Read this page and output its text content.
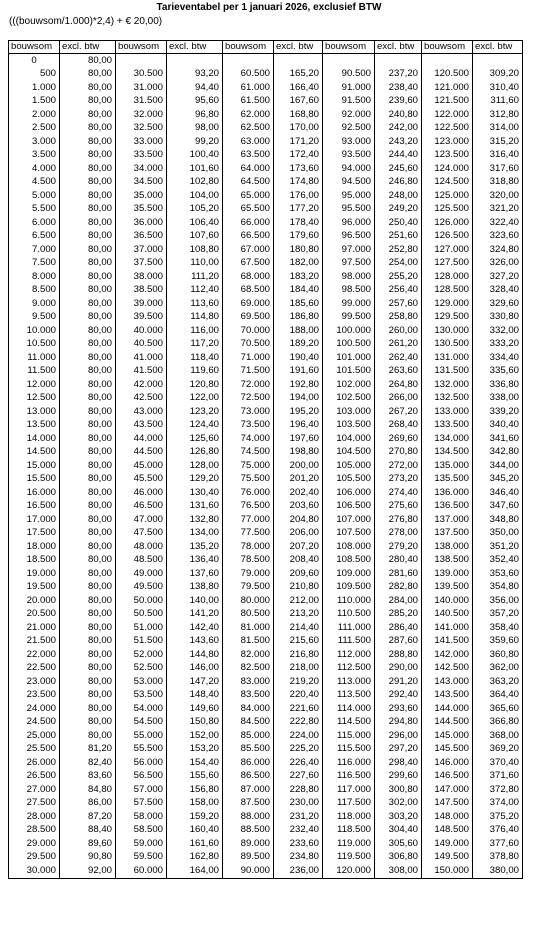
Tarieventabel per 1 januari 2026, exclusief BTW
(((bouwsom/1.000)*2,4) + € 20,00)
bouwsom	excl. btw	bouwsom	excl. btw	bouwsom	excl. btw	bouwsom	excl. btw	bouwsom	excl. btw
0	80,00								
500	80,00	30.500	93,20	60.500	165,20	90.500	237,20	120.500	309,20
1.000	80,00	31.000	94,40	61.000	166,40	91.000	238,40	121.000	310,40
1.500	80,00	31.500	95,60	61.500	167,60	91.500	239,60	121.500	311,60
2.000	80,00	32.000	96,80	62.000	168,80	92.000	240,80	122.000	312,80
2.500	80,00	32.500	98,00	62.500	170,00	92.500	242,00	122.500	314,00
3.000	80,00	33.000	99,20	63.000	171,20	93.000	243,20	123.000	315,20
3.500	80,00	33.500	100,40	63.500	172,40	93.500	244,40	123.500	316,40
4.000	80,00	34.000	101,60	64.000	173,60	94.000	245,60	124.000	317,60
4.500	80,00	34.500	102,80	64.500	174,80	94.500	246,80	124.500	318,80
5.000	80,00	35.000	104,00	65.000	176,00	95.000	248,00	125.000	320,00
5.500	80,00	35.500	105,20	65.500	177,20	95.500	249,20	125.500	321,20
6.000	80,00	36.000	106,40	66.000	178,40	96.000	250,40	126.000	322,40
6.500	80,00	36.500	107,60	66.500	179,60	96.500	251,60	126.500	323,60
7.000	80,00	37.000	108,80	67.000	180,80	97.000	252,80	127.000	324,80
7.500	80,00	37.500	110,00	67.500	182,00	97.500	254,00	127.500	326,00
8.000	80,00	38.000	111,20	68.000	183,20	98.000	255,20	128.000	327,20
8.500	80,00	38.500	112,40	68.500	184,40	98.500	256,40	128.500	328,40
9.000	80,00	39.000	113,60	69.000	185,60	99.000	257,60	129.000	329,60
9.500	80,00	39.500	114,80	69.500	186,80	99.500	258,80	129.500	330,80
10.000	80,00	40.000	116,00	70.000	188,00	100.000	260,00	130.000	332,00
10.500	80,00	40.500	117,20	70.500	189,20	100.500	261,20	130.500	333,20
11.000	80,00	41.000	118,40	71.000	190,40	101.000	262,40	131.000	334,40
11.500	80,00	41.500	119,60	71.500	191,60	101.500	263,60	131.500	335,60
12.000	80,00	42.000	120,80	72.000	192,80	102.000	264,80	132.000	336,80
12.500	80,00	42.500	122,00	72.500	194,00	102.500	266,00	132.500	338,00
13.000	80,00	43.000	123,20	73.000	195,20	103.000	267,20	133.000	339,20
13.500	80,00	43.500	124,40	73.500	196,40	103.500	268,40	133.500	340,40
14.000	80,00	44.000	125,60	74.000	197,60	104.000	269,60	134.000	341,60
14.500	80,00	44.500	126,80	74.500	198,80	104.500	270,80	134.500	342,80
15.000	80,00	45.000	128,00	75.000	200,00	105.000	272,00	135.000	344,00
15.500	80,00	45.500	129,20	75.500	201,20	105.500	273,20	135.500	345,20
16.000	80,00	46.000	130,40	76.000	202,40	106.000	274,40	136.000	346,40
16.500	80,00	46.500	131,60	76.500	203,60	106.500	275,60	136.500	347,60
17.000	80,00	47.000	132,80	77.000	204,80	107.000	276,80	137.000	348,80
17.500	80,00	47.500	134,00	77.500	206,00	107.500	278,00	137.500	350,00
18.000	80,00	48.000	135,20	78.000	207,20	108.000	279,20	138.000	351,20
18.500	80,00	48.500	136,40	78.500	208,40	108.500	280,40	138.500	352,40
19.000	80,00	49.000	137,60	79.000	209,60	109.000	281,60	139.000	353,60
19.500	80,00	49.500	138,80	79.500	210,80	109.500	282,80	139.500	354,80
20.000	80,00	50.000	140,00	80.000	212,00	110.000	284,00	140.000	356,00
20.500	80,00	50.500	141,20	80.500	213,20	110.500	285,20	140.500	357,20
21.000	80,00	51.000	142,40	81.000	214,40	111.000	286,40	141.000	358,40
21.500	80,00	51.500	143,60	81.500	215,60	111.500	287,60	141.500	359,60
22.000	80,00	52.000	144,80	82.000	216,80	112.000	288,80	142.000	360,80
22.500	80,00	52.500	146,00	82.500	218,00	112.500	290,00	142.500	362,00
23.000	80,00	53.000	147,20	83.000	219,20	113.000	291,20	143.000	363,20
23.500	80,00	53.500	148,40	83.500	220,40	113.500	292,40	143.500	364,40
24.000	80,00	54.000	149,60	84.000	221,60	114.000	293,60	144.000	365,60
24.500	80,00	54.500	150,80	84.500	222,80	114.500	294,80	144.500	366,80
25.000	80,00	55.000	152,00	85.000	224,00	115.000	296,00	145.000	368,00
25.500	81,20	55.500	153,20	85.500	225,20	115.500	297,20	145.500	369,20
26.000	82,40	56.000	154,40	86.000	226,40	116.000	298,40	146.000	370,40
26.500	83,60	56.500	155,60	86.500	227,60	116.500	299,60	146.500	371,60
27.000	84,80	57.000	156,80	87.000	228,80	117.000	300,80	147.000	372,80
27.500	86,00	57.500	158,00	87.500	230,00	117.500	302,00	147.500	374,00
28.000	87,20	58.000	159,20	88.000	231,20	118.000	303,20	148.000	375,20
28.500	88,40	58.500	160,40	88.500	232,40	118.500	304,40	148.500	376,40
29.000	89,60	59.000	161,60	89.000	233,60	119.000	305,60	149.000	377,60
29.500	90,80	59.500	162,80	89.500	234,80	119.500	306,80	149.500	378,80
30.000	92,00	60.000	164,00	90.000	236,00	120.000	308,00	150.000	380,00
